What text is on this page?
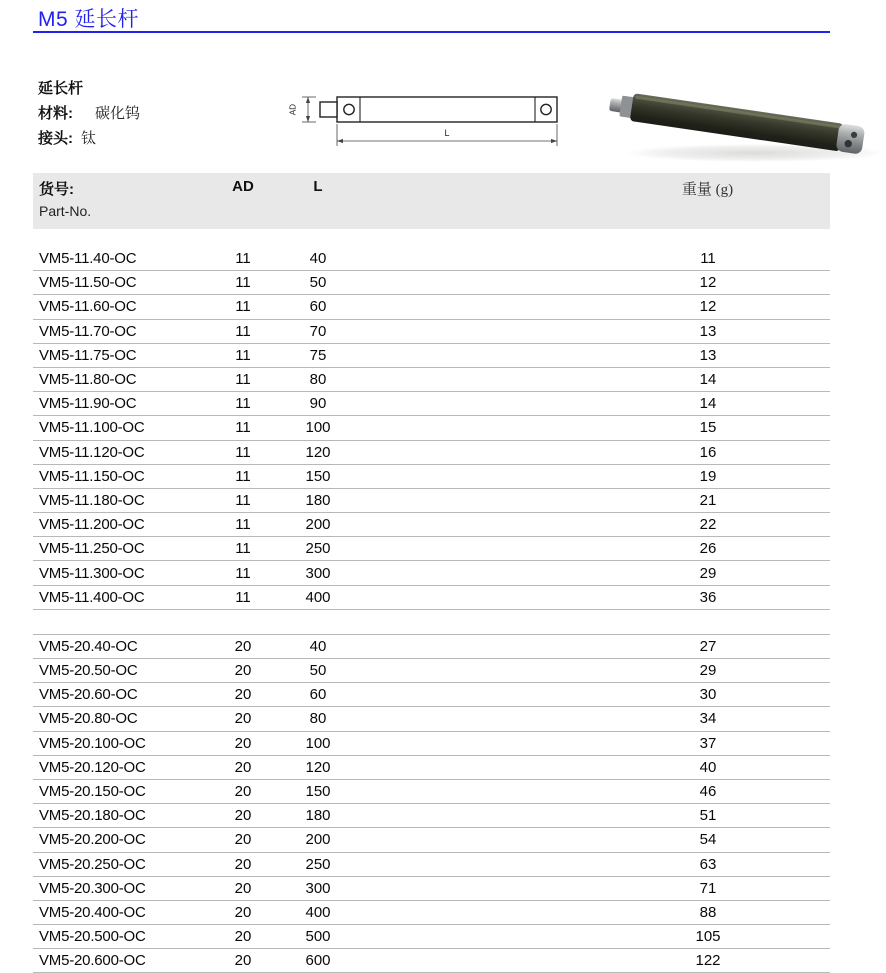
M5 延长杆
延长杆
材料: 碳化钨
接头: 钛
AD
L
货号:
Part-No.	AD	L	重量 (g)

VM5-11.40-OC	11	40	11
VM5-11.50-OC	11	50	12
VM5-11.60-OC	11	60	12
VM5-11.70-OC	11	70	13
VM5-11.75-OC	11	75	13
VM5-11.80-OC	11	80	14
VM5-11.90-OC	11	90	14
VM5-11.100-OC	11	100	15
VM5-11.120-OC	11	120	16
VM5-11.150-OC	11	150	19
VM5-11.180-OC	11	180	21
VM5-11.200-OC	11	200	22
VM5-11.250-OC	11	250	26
VM5-11.300-OC	11	300	29
VM5-11.400-OC	11	400	36

VM5-20.40-OC	20	40	27
VM5-20.50-OC	20	50	29
VM5-20.60-OC	20	60	30
VM5-20.80-OC	20	80	34
VM5-20.100-OC	20	100	37
VM5-20.120-OC	20	120	40
VM5-20.150-OC	20	150	46
VM5-20.180-OC	20	180	51
VM5-20.200-OC	20	200	54
VM5-20.250-OC	20	250	63
VM5-20.300-OC	20	300	71
VM5-20.400-OC	20	400	88
VM5-20.500-OC	20	500	105
VM5-20.600-OC	20	600	122
